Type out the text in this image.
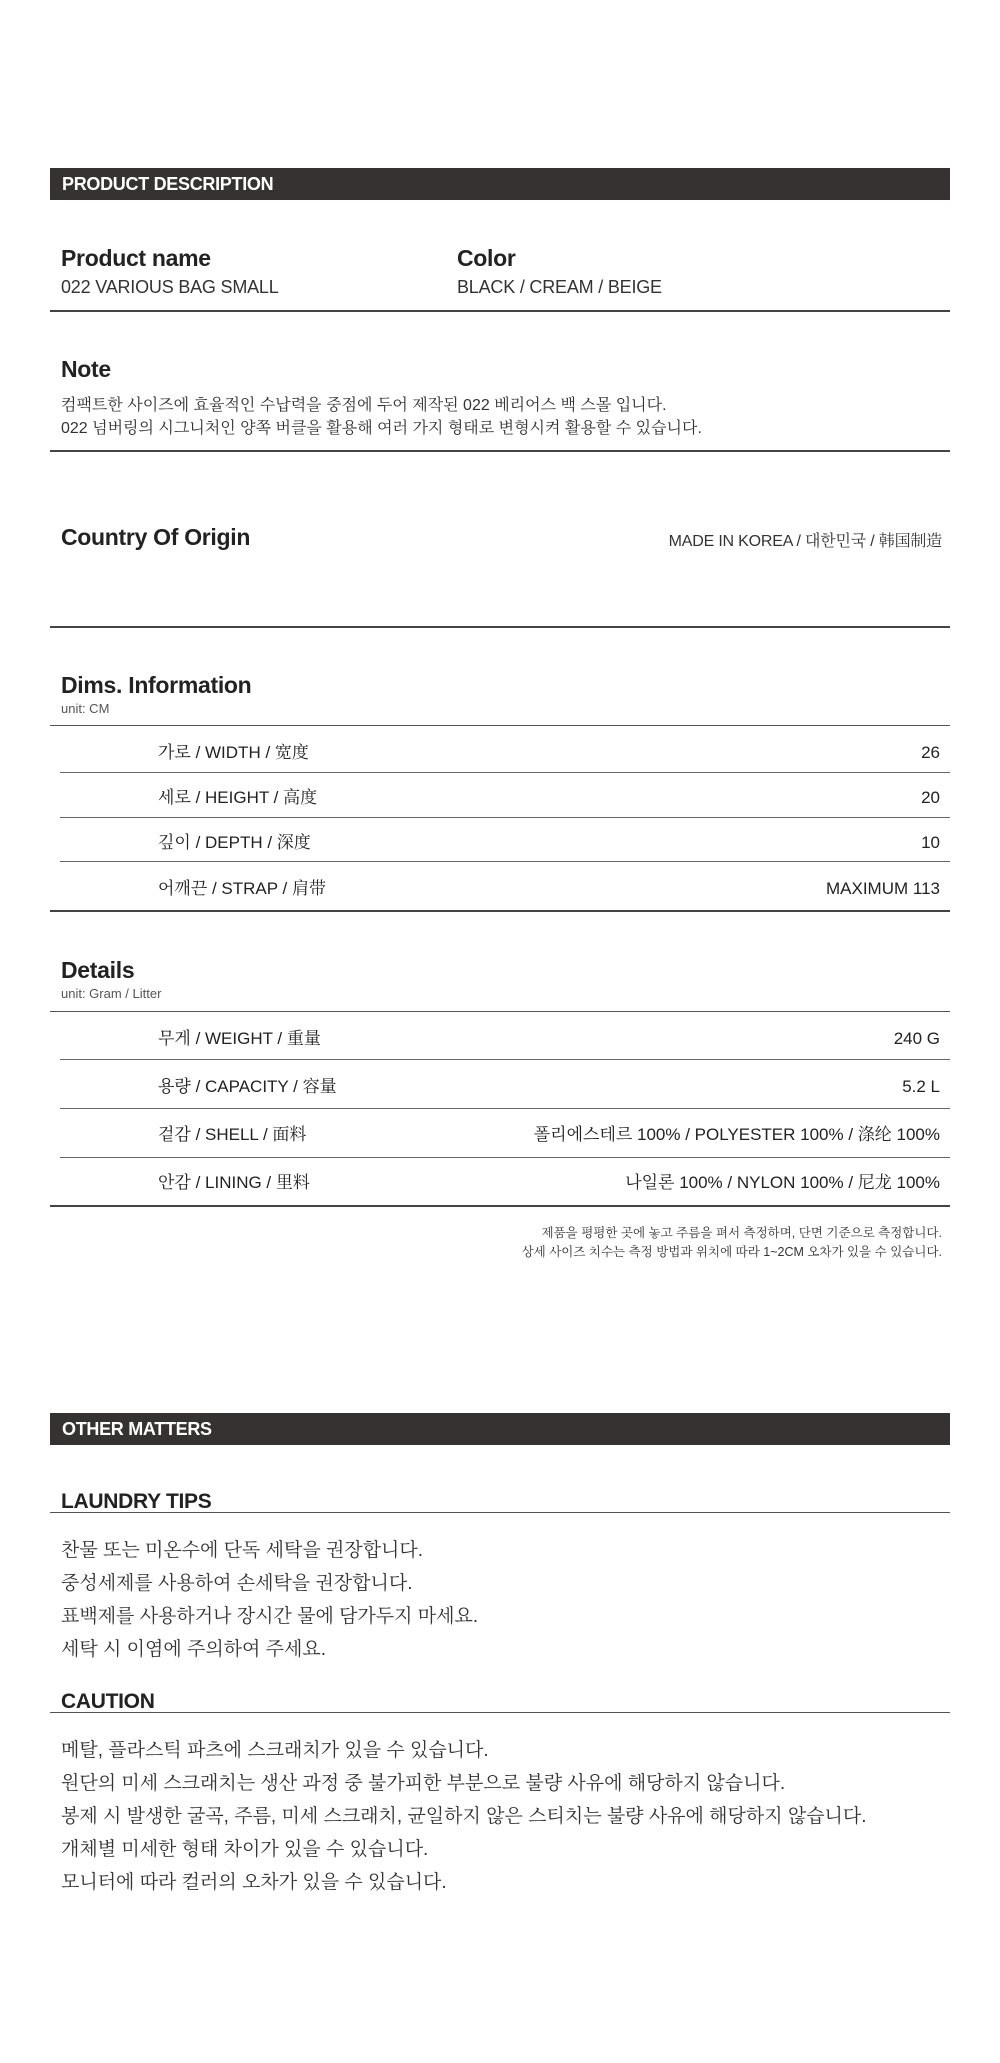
PRODUCT DESCRIPTION
Product name
022 VARIOUS BAG SMALL
Color
BLACK / CREAM / BEIGE
Note
컴팩트한 사이즈에 효율적인 수납력을 중점에 두어 제작된 022 베리어스 백 스몰 입니다.
022 넘버링의 시그니처인 양쪽 버클을 활용해 여러 가지 형태로 변형시켜 활용할 수 있습니다.
Country Of Origin	MADE IN KOREA / 대한민국 / 韩国制造
Dims. Information
unit: CM
가로 / WIDTH / 宽度	26
세로 / HEIGHT / 高度	20
깊이 / DEPTH / 深度	10
어깨끈 / STRAP / 肩带	MAXIMUM 113
Details
unit: Gram / Litter
무게 / WEIGHT / 重量	240 G
용량 / CAPACITY / 容量	5.2 L
겉감 / SHELL / 面料	폴리에스테르 100% / POLYESTER 100% / 涤纶 100%
안감 / LINING / 里料	나일론 100% / NYLON 100% / 尼龙 100%
제품을 평평한 곳에 놓고 주름을 펴서 측정하며, 단면 기준으로 측정합니다.
상세 사이즈 치수는 측정 방법과 위치에 따라 1~2CM 오차가 있을 수 있습니다.
OTHER MATTERS
LAUNDRY TIPS
찬물 또는 미온수에 단독 세탁을 권장합니다.
중성세제를 사용하여 손세탁을 권장합니다.
표백제를 사용하거나 장시간 물에 담가두지 마세요.
세탁 시 이염에 주의하여 주세요.
CAUTION
메탈, 플라스틱 파츠에 스크래치가 있을 수 있습니다.
원단의 미세 스크래치는 생산 과정 중 불가피한 부분으로 불량 사유에 해당하지 않습니다.
봉제 시 발생한 굴곡, 주름, 미세 스크래치, 균일하지 않은 스티치는 불량 사유에 해당하지 않습니다.
개체별 미세한 형태 차이가 있을 수 있습니다.
모니터에 따라 컬러의 오차가 있을 수 있습니다.
